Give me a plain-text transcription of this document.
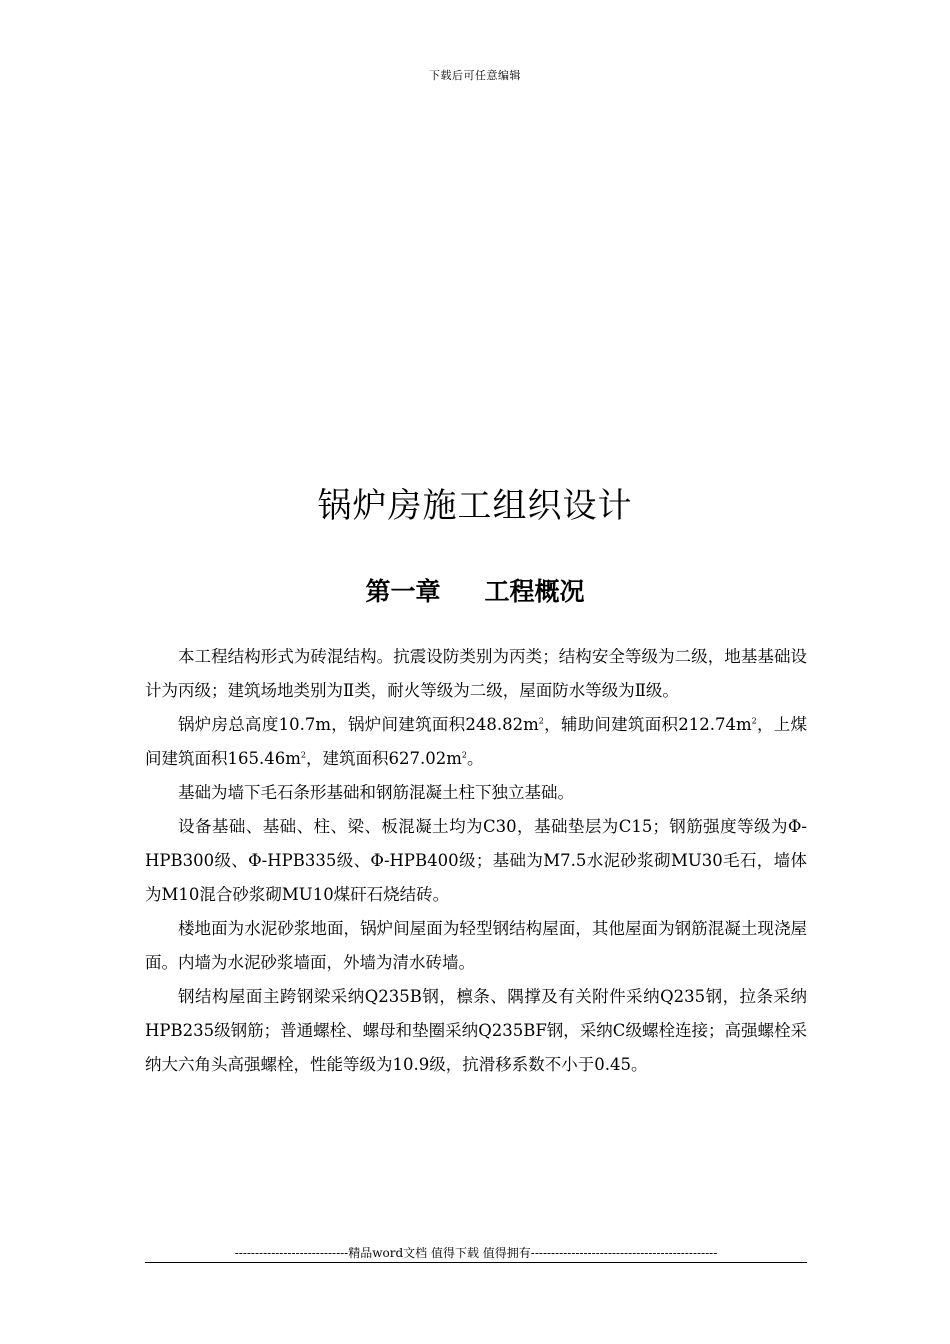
下载后可任意编辑
锅炉房施工组织设计
第一章 工程概况

本工程结构形式为砖混结构。抗震设防类别为丙类；结构安全等级为二级，地基基础设计为丙级；建筑场地类别为Ⅱ类，耐火等级为二级，屋面防水等级为Ⅱ级。

锅炉房总高度10.7m，锅炉间建筑面积$248.82m^2$，辅助间建筑面积$212.74m^2$，上煤间建筑面积$165.46m^2$，建筑面积$627.02m^2$。

基础为墙下毛石条形基础和钢筋混凝土柱下独立基础。

设备基础、基础、柱、梁、板混凝土均为C30，基础垫层为C15；钢筋强度等级为Φ-HPB300级、Φ-HPB335级、Φ-HPB400级；基础为M7.5水泥砂浆砌MU30毛石，墙体为M10混合砂浆砌MU10煤矸石烧结砖。

楼地面为水泥砂浆地面，锅炉间屋面为轻型钢结构屋面，其他屋面为钢筋混凝土现浇屋面。内墙为水泥砂浆墙面，外墙为清水砖墙。

钢结构屋面主跨钢梁采纳Q235B钢，檩条、隅撑及有关附件采纳Q235钢，拉条采纳HPB235级钢筋；普通螺栓、螺母和垫圈采纳Q235BF钢，采纳C级螺栓连接；高强螺栓采纳大六角头高强螺栓，性能等级为10.9级，抗滑移系数不小于0.45。

----------------------------精品word文档 值得下载 值得拥有----------------------------------------------
